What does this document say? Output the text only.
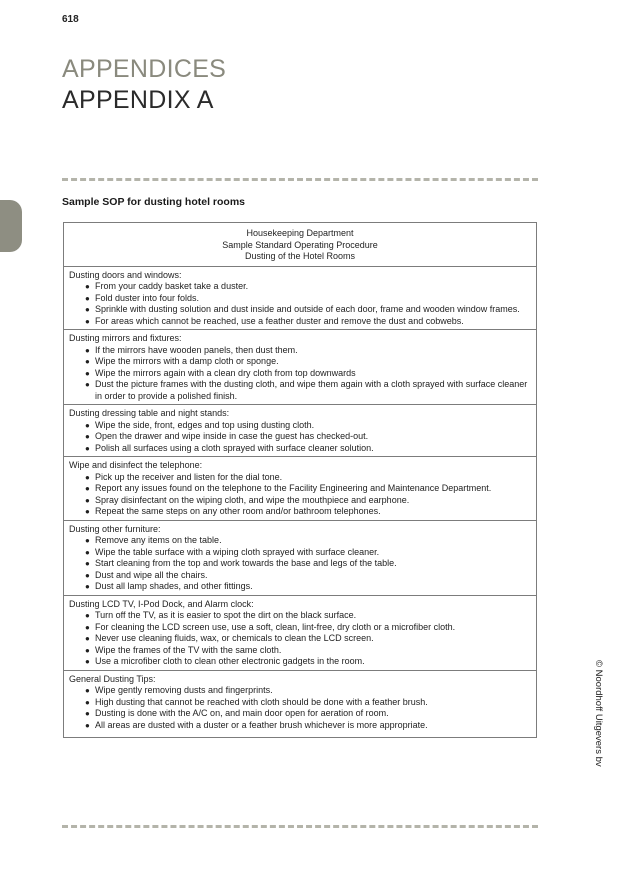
618
APPENDICES
APPENDIX A
Sample SOP for dusting hotel rooms
Housekeeping Department
Sample Standard Operating Procedure
Dusting of the Hotel Rooms
Dusting doors and windows:
● From your caddy basket take a duster.
● Fold duster into four folds.
● Sprinkle with dusting solution and dust inside and outside of each door, frame and wooden window frames.
● For areas which cannot be reached, use a feather duster and remove the dust and cobwebs.
Dusting mirrors and fixtures:
● If the mirrors have wooden panels, then dust them.
● Wipe the mirrors with a damp cloth or sponge.
● Wipe the mirrors again with a clean dry cloth from top downwards
● Dust the picture frames with the dusting cloth, and wipe them again with a cloth sprayed with surface cleaner in order to provide a polished finish.
Dusting dressing table and night stands:
● Wipe the side, front, edges and top using dusting cloth.
● Open the drawer and wipe inside in case the guest has checked-out.
● Polish all surfaces using a cloth sprayed with surface cleaner solution.
Wipe and disinfect the telephone:
● Pick up the receiver and listen for the dial tone.
● Report any issues found on the telephone to the Facility Engineering and Maintenance Department.
● Spray disinfectant on the wiping cloth, and wipe the mouthpiece and earphone.
● Repeat the same steps on any other room and/or bathroom telephones.
Dusting other furniture:
● Remove any items on the table.
● Wipe the table surface with a wiping cloth sprayed with surface cleaner.
● Start cleaning from the top and work towards the base and legs of the table.
● Dust and wipe all the chairs.
● Dust all lamp shades, and other fittings.
Dusting LCD TV, I-Pod Dock, and Alarm clock:
● Turn off the TV, as it is easier to spot the dirt on the black surface.
● For cleaning the LCD screen use, use a soft, clean, lint-free, dry cloth or a microfiber cloth.
● Never use cleaning fluids, wax, or chemicals to clean the LCD screen.
● Wipe the frames of the TV with the same cloth.
● Use a microfiber cloth to clean other electronic gadgets in the room.
General Dusting Tips:
● Wipe gently removing dusts and fingerprints.
● High dusting that cannot be reached with cloth should be done with a feather brush.
● Dusting is done with the A/C on, and main door open for aeration of room.
● All areas are dusted with a duster or a feather brush whichever is more appropriate.	© Noordhoff Uitgevers bv
